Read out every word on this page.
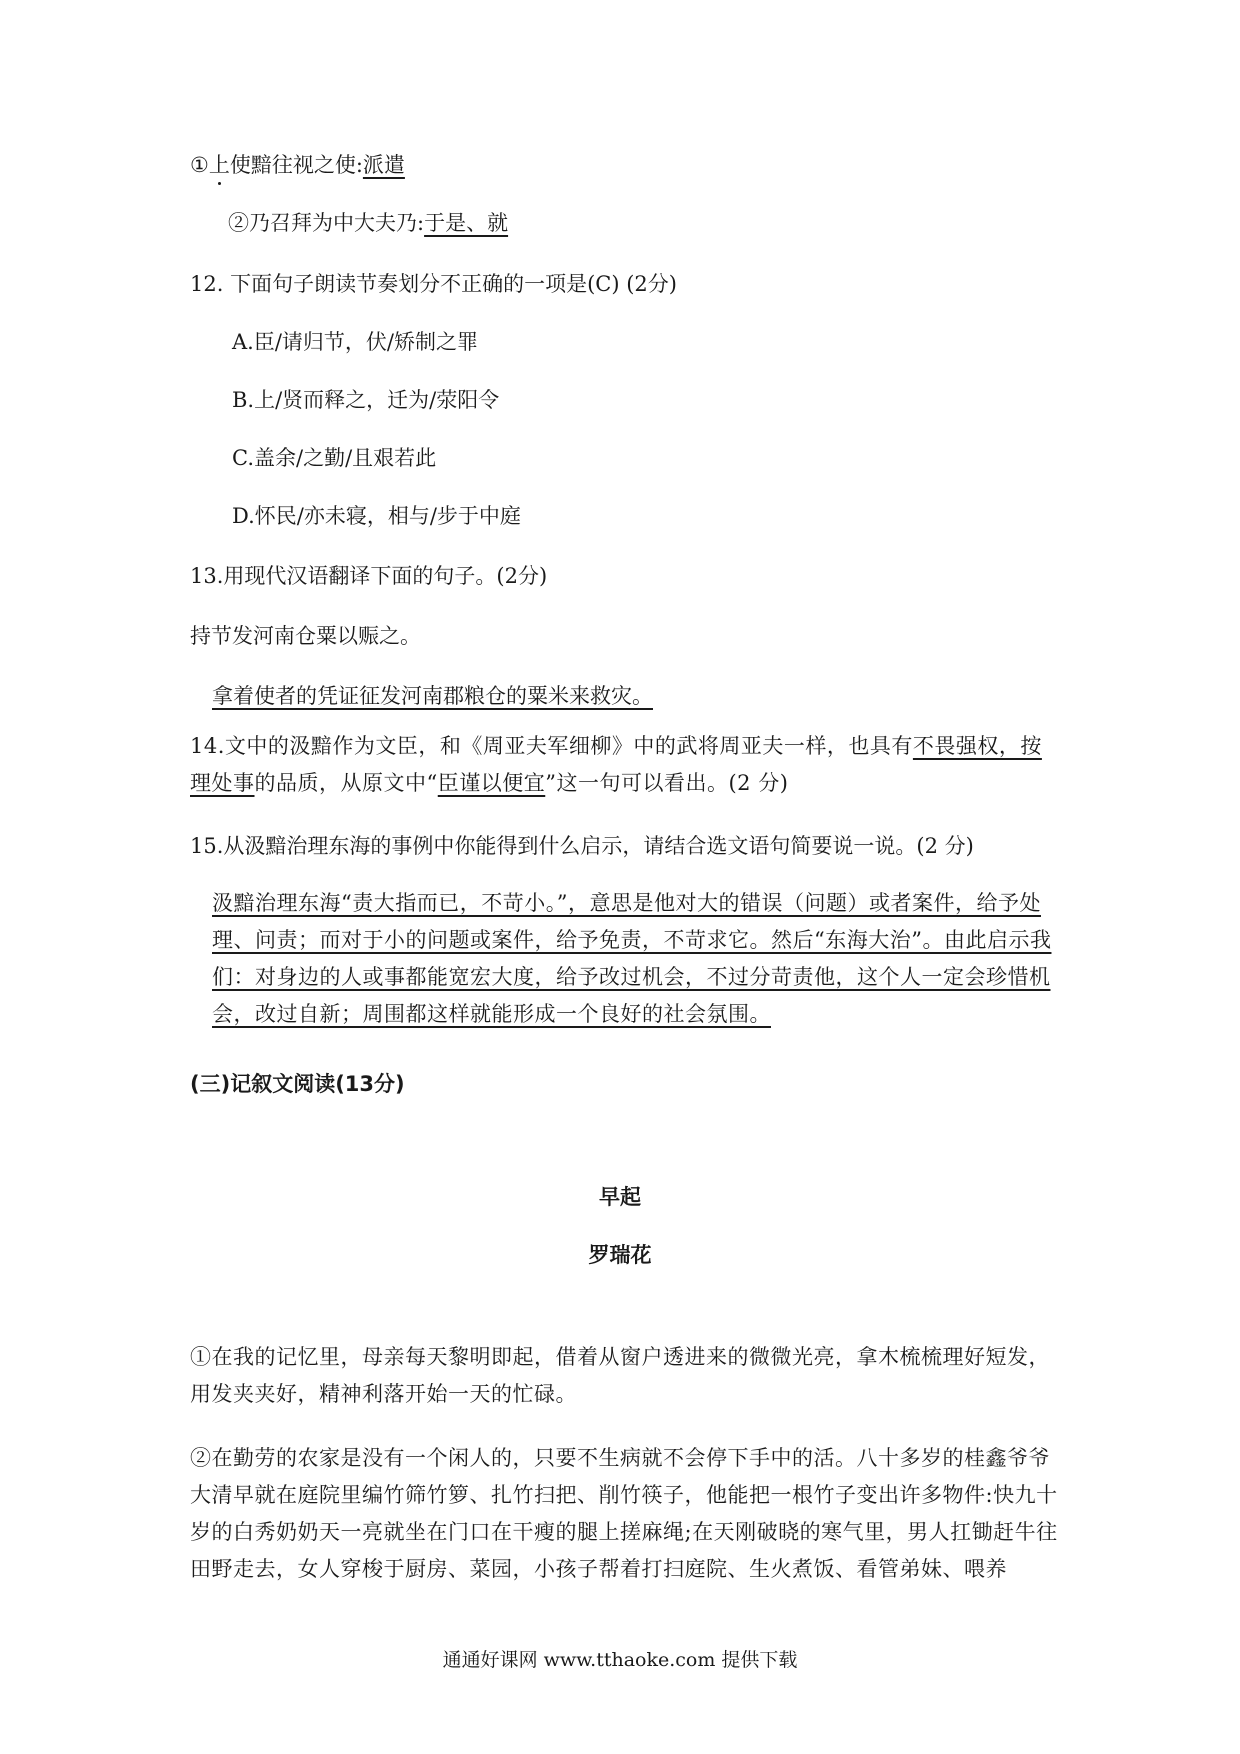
①上使黯往视之使:派遣
②乃召拜为中大夫乃:于是、就
12. 下面句子朗读节奏划分不正确的一项是(C) (2分)
A.臣/请归节，伏/矫制之罪
B.上/贤而释之，迁为/荥阳令
C.盖余/之勤/且艰若此
D.怀民/亦未寝，相与/步于中庭
13.用现代汉语翻译下面的句子。(2分)
持节发河南仓粟以赈之。
拿着使者的凭证征发河南郡粮仓的粟米来救灾。
14.文中的汲黯作为文臣，和《周亚夫军细柳》中的武将周亚夫一样，也具有不畏强权，按
理处事的品质，从原文中“臣谨以便宜”这一句可以看出。(2 分)
15.从汲黯治理东海的事例中你能得到什么启示，请结合选文语句简要说一说。(2 分)
汲黯治理东海“责大指而已，不苛小。”，意思是他对大的错误（问题）或者案件，给予处理、问责；而对于小的问题或案件，给予免责，不苛求它。然后“东海大治”。由此启示我们：对身边的人或事都能宽宏大度，给予改过机会，不过分苛责他，这个人一定会珍惜机会，改过自新；周围都这样就能形成一个良好的社会氛围。
(三)记叙文阅读(13分)
早起
罗瑞花
①在我的记忆里，母亲每天黎明即起，借着从窗户透进来的微微光亮，拿木梳梳理好短发，用发夹夹好，精神利落开始一天的忙碌。
②在勤劳的农家是没有一个闲人的，只要不生病就不会停下手中的活。八十多岁的桂鑫爷爷大清早就在庭院里编竹筛竹箩、扎竹扫把、削竹筷子，他能把一根竹子变出许多物件:快九十岁的白秀奶奶天一亮就坐在门口在干瘦的腿上搓麻绳;在天刚破晓的寒气里，男人扛锄赶牛往田野走去，女人穿梭于厨房、菜园，小孩子帮着打扫庭院、生火煮饭、看管弟妹、喂养
通通好课网 www.tthaoke.com 提供下载
